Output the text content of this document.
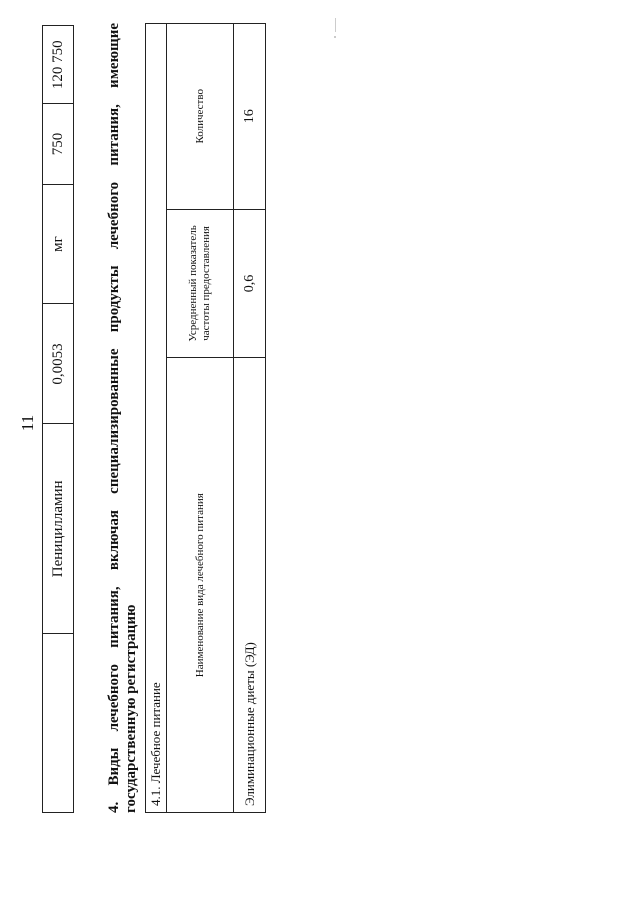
11
	Пеницилламин	0,0053	мг	750	120 750	4. Виды лечебного питания, включая специализированные продукты лечебного питания, имеющие государственную регистрацию 4.1. Лечебное питание		
Наименование вида лечебного питания	Усредненный показатель частоты предоставления	Количество
Элиминационные диеты (ЭД)	0,6	16
